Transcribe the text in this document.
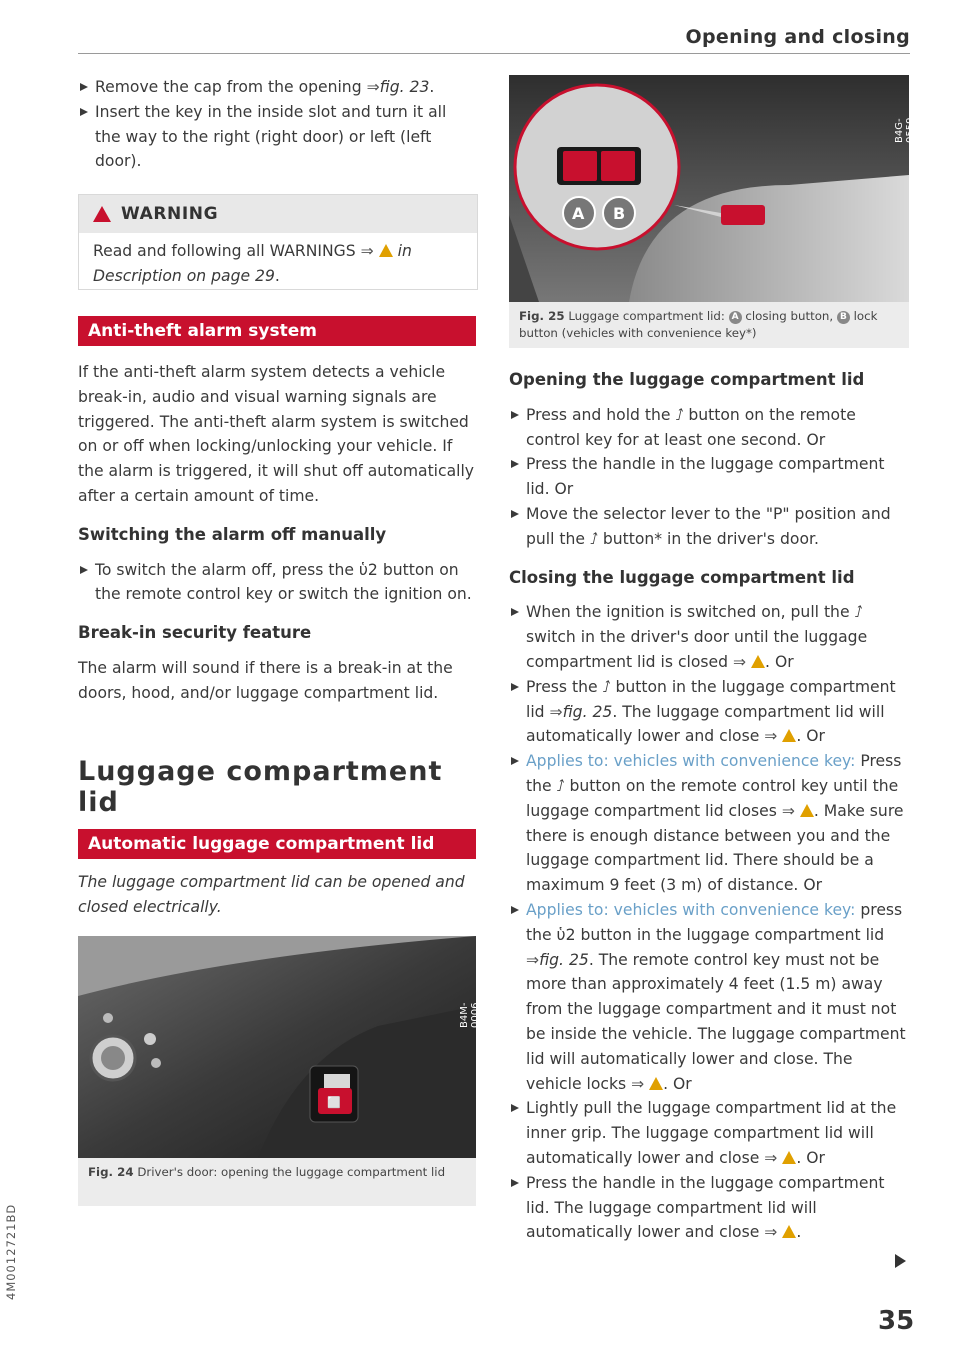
Opening and closing

Remove the cap from the opening ⇒fig. 23.

Insert the key in the inside slot and turn it all the way to the right (right door) or left (left door).

WARNING
Read and following all WARNINGS ⇒ in Description on page 29.
Anti-theft alarm system

If the anti-theft alarm system detects a vehicle break-in, audio and visual warning signals are triggered. The anti-theft alarm system is switched on or off when locking/unlocking your vehicle. If the alarm is triggered, it will shut off automatically after a certain amount of time.

Switching the alarm off manually

To switch the alarm off, press the ὑ2 button on the remote control key or switch the ignition on.

Break-in security feature

The alarm will sound if there is a break-in at the doors, hood, and/or luggage compartment lid.

Luggage compartment lid
Automatic luggage compartment lid
The luggage compartment lid can be opened and closed electrically.
⬜
B4M-0006
Fig. 24 Driver's door: opening the luggage compartment lid
A B
B4G-0559
Fig. 25 Luggage compartment lid: A closing button, B lock button (vehicles with convenience key*)

Opening the luggage compartment lid

Press and hold the ⭜ button on the remote control key for at least one second. Or

Press the handle in the luggage compartment lid. Or

Move the selector lever to the "P" position and pull the ⭜ button* in the driver's door.

Closing the luggage compartment lid

When the ignition is switched on, pull the ⭜ switch in the driver's door until the luggage compartment lid is closed ⇒ . Or

Press the ⭜ button in the luggage compartment lid ⇒fig. 25. The luggage compartment lid will automatically lower and close ⇒ . Or

Applies to: vehicles with convenience key: Press the ⭜ button on the remote control key until the luggage compartment lid closes ⇒ . Make sure there is enough distance between you and the luggage compartment lid. There should be a maximum 9 feet (3 m) of distance. Or

Applies to: vehicles with convenience key: press the ὑ2 button in the luggage compartment lid ⇒fig. 25. The remote control key must not be more than approximately 4 feet (1.5 m) away from the luggage compartment and it must not be inside the vehicle. The luggage compartment lid will automatically lower and close. The vehicle locks ⇒ . Or

Lightly pull the luggage compartment lid at the inner grip. The luggage compartment lid will automatically lower and close ⇒ . Or

Press the handle in the luggage compartment lid. The luggage compartment lid will automatically lower and close ⇒ .

35
4M0012721BD
